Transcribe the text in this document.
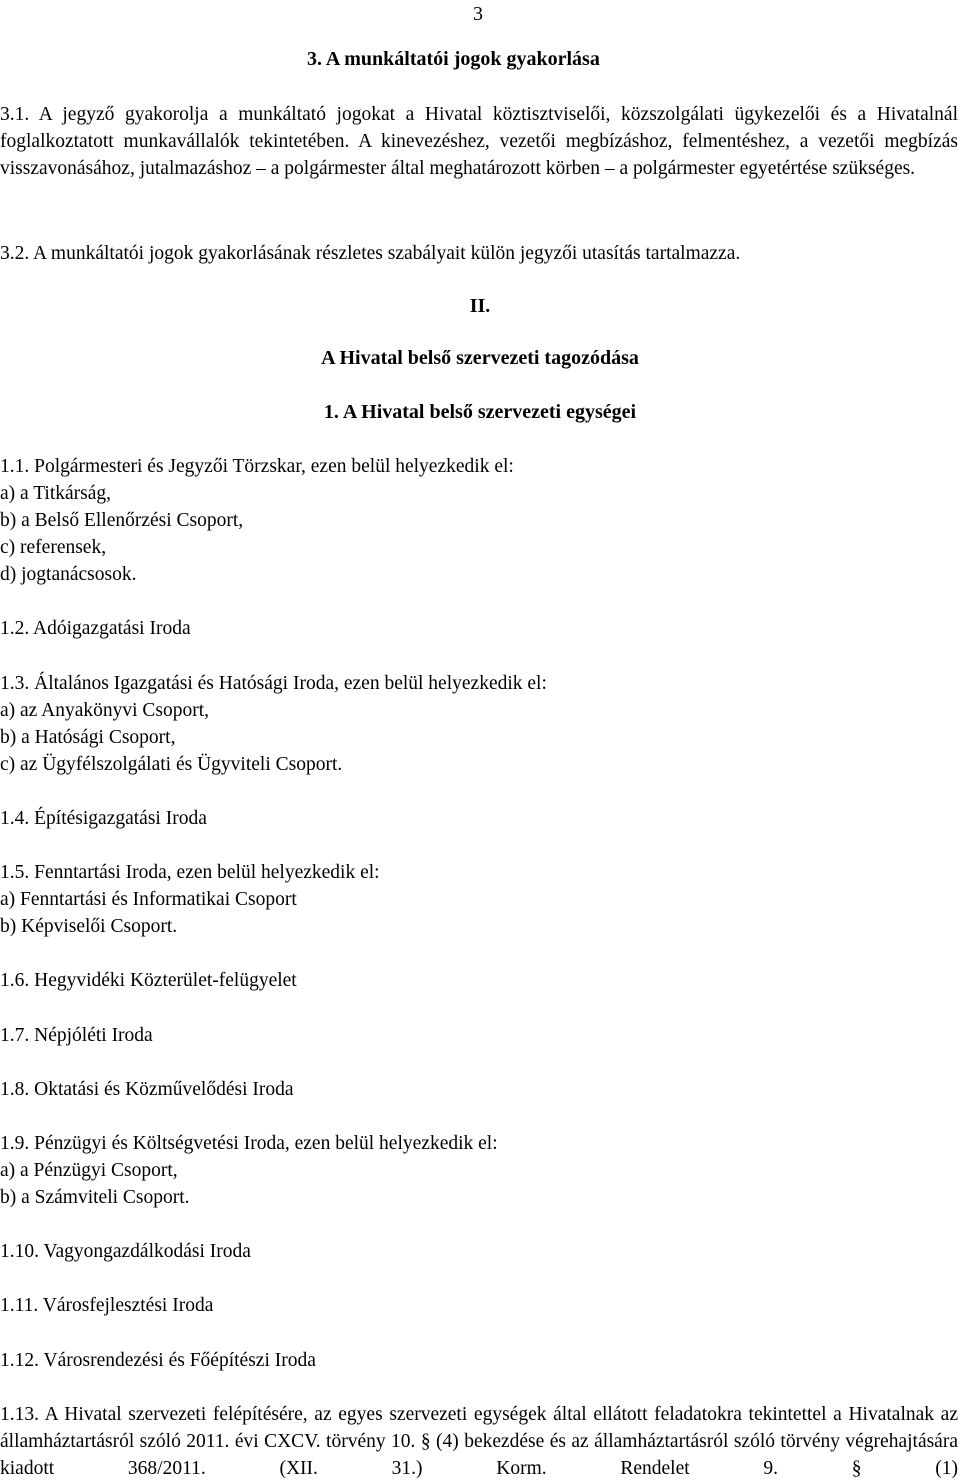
3
3. A munkáltatói jogok gyakorlása
3.1. A jegyző gyakorolja a munkáltató jogokat a Hivatal köztisztviselői, közszolgálati ügykezelői és a Hivatalnál foglalkoztatott munkavállalók tekintetében. A kinevezéshez, vezetői megbízáshoz, felmentéshez, a vezetői megbízás visszavonásához, jutalmazáshoz – a polgármester által meghatározott körben – a polgármester egyetértése szükséges.
3.2. A munkáltatói jogok gyakorlásának részletes szabályait külön jegyzői utasítás tartalmazza.
II.
A Hivatal belső szervezeti tagozódása
1. A Hivatal belső szervezeti egységei
1.1. Polgármesteri és Jegyzői Törzskar, ezen belül helyezkedik el:
a) a Titkárság,
b) a Belső Ellenőrzési Csoport,
c) referensek,
d) jogtanácsosok.
1.2. Adóigazgatási Iroda
1.3. Általános Igazgatási és Hatósági Iroda, ezen belül helyezkedik el:
a) az Anyakönyvi Csoport,
b) a Hatósági Csoport,
c) az Ügyfélszolgálati és Ügyviteli Csoport.
1.4. Építésigazgatási Iroda
1.5. Fenntartási Iroda, ezen belül helyezkedik el:
a) Fenntartási és Informatikai Csoport
b) Képviselői Csoport.
1.6. Hegyvidéki Közterület-felügyelet
1.7. Népjóléti Iroda
1.8. Oktatási és Közművelődési Iroda
1.9. Pénzügyi és Költségvetési Iroda, ezen belül helyezkedik el:
a) a Pénzügyi Csoport,
b) a Számviteli Csoport.
1.10. Vagyongazdálkodási Iroda
1.11. Városfejlesztési Iroda
1.12. Városrendezési és Főépítészi Iroda
1.13. A Hivatal szervezeti felépítésére, az egyes szervezeti egységek által ellátott feladatokra tekintettel a Hivatalnak az államháztartásról szóló 2011. évi CXCV. törvény 10. § (4) bekezdése és az államháztartásról szóló törvény végrehajtására kiadott 368/2011. (XII. 31.) Korm. Rendelet 9. § (1)
